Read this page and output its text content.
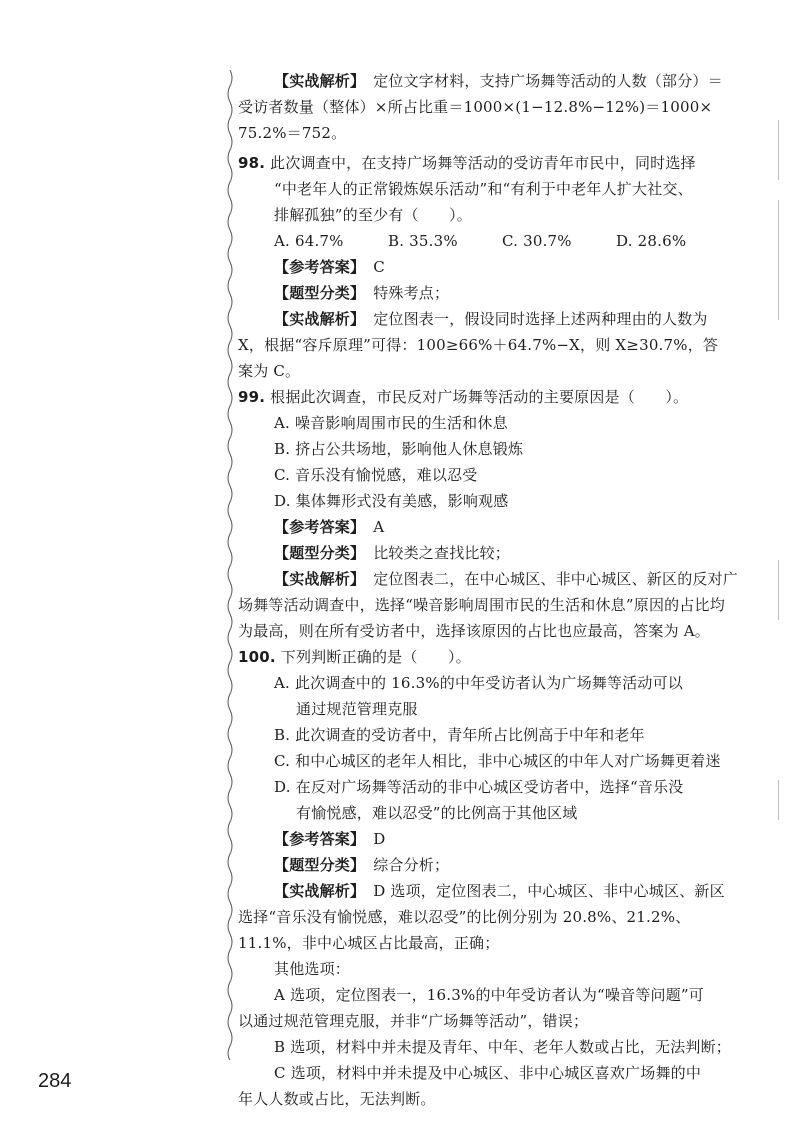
【实战解析】 定位文字材料，支持广场舞等活动的人数（部分）＝
受访者数量（整体）×所占比重＝1000×(1−12.8%−12%)＝1000×
75.2%＝752。
98. 此次调查中，在支持广场舞等活动的受访青年市民中，同时选择
“中老年人的正常锻炼娱乐活动”和“有利于中老年人扩大社交、
排解孤独”的至少有（　　）。
A. 64.7%	B. 35.3%	C. 30.7%	D. 28.6%
【参考答案】 C
【题型分类】 特殊考点；
【实战解析】 定位图表一，假设同时选择上述两种理由的人数为
X，根据“容斥原理”可得：100≥66%＋64.7%−X，则 X≥30.7%，答
案为 C。
99. 根据此次调查，市民反对广场舞等活动的主要原因是（　　）。
A. 噪音影响周围市民的生活和休息
B. 挤占公共场地，影响他人休息锻炼
C. 音乐没有愉悦感，难以忍受
D. 集体舞形式没有美感，影响观感
【参考答案】 A
【题型分类】 比较类之查找比较；
【实战解析】 定位图表二，在中心城区、非中心城区、新区的反对广
场舞等活动调查中，选择“噪音影响周围市民的生活和休息”原因的占比均
为最高，则在所有受访者中，选择该原因的占比也应最高，答案为 A。
100. 下列判断正确的是（　　）。
A. 此次调查中的 16.3%的中年受访者认为广场舞等活动可以
通过规范管理克服
B. 此次调查的受访者中，青年所占比例高于中年和老年
C. 和中心城区的老年人相比，非中心城区的中年人对广场舞更着迷
D. 在反对广场舞等活动的非中心城区受访者中，选择“音乐没
有愉悦感，难以忍受”的比例高于其他区域
【参考答案】 D
【题型分类】 综合分析；
【实战解析】 D 选项，定位图表二，中心城区、非中心城区、新区
选择“音乐没有愉悦感，难以忍受”的比例分别为 20.8%、21.2%、
11.1%，非中心城区占比最高，正确；
其他选项：
A 选项，定位图表一，16.3%的中年受访者认为“噪音等问题”可
以通过规范管理克服，并非“广场舞等活动”，错误；
B 选项，材料中并未提及青年、中年、老年人数或占比，无法判断；
C 选项，材料中并未提及中心城区、非中心城区喜欢广场舞的中
年人人数或占比，无法判断。
284
